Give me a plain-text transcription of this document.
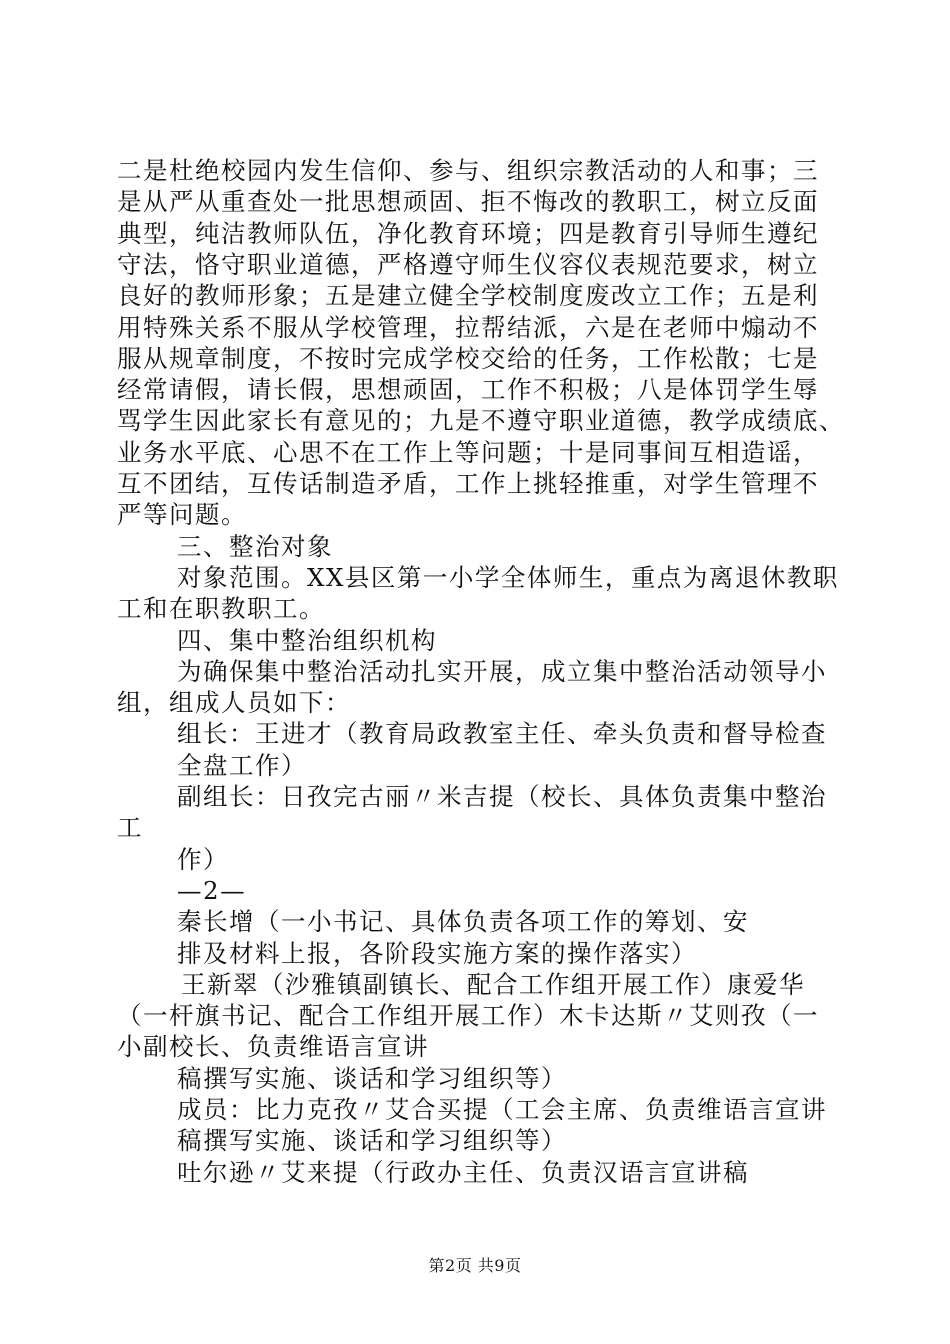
二是杜绝校园内发生信仰、参与、组织宗教活动的人和事；三
是从严从重查处一批思想顽固、拒不悔改的教职工，树立反面
典型，纯洁教师队伍，净化教育环境；四是教育引导师生遵纪
守法，恪守职业道德，严格遵守师生仪容仪表规范要求，树立
良好的教师形象；五是建立健全学校制度废改立工作；五是利
用特殊关系不服从学校管理，拉帮结派，六是在老师中煽动不
服从规章制度，不按时完成学校交给的任务，工作松散；七是
经常请假，请长假，思想顽固，工作不积极；八是体罚学生辱
骂学生因此家长有意见的；九是不遵守职业道德，教学成绩底、
业务水平底、心思不在工作上等问题；十是同事间互相造谣，
互不团结，互传话制造矛盾，工作上挑轻推重，对学生管理不
严等问题。
三、整治对象
对象范围。XX县区第一小学全体师生，重点为离退休教职
工和在职教职工。
四、集中整治组织机构
为确保集中整治活动扎实开展，成立集中整治活动领导小
组，组成人员如下：
组长：王进才（教育局政教室主任、牵头负责和督导检查
全盘工作）
副组长：日孜完古丽〃米吉提（校长、具体负责集中整治
工
作）
—2—
秦长增（一小书记、具体负责各项工作的筹划、安
排及材料上报，各阶段实施方案的操作落实）
王新翠（沙雅镇副镇长、配合工作组开展工作）康爱华
（一杆旗书记、配合工作组开展工作）木卡达斯〃艾则孜（一
小副校长、负责维语言宣讲
稿撰写实施、谈话和学习组织等）
成员：比力克孜〃艾合买提（工会主席、负责维语言宣讲
稿撰写实施、谈话和学习组织等）
吐尔逊〃艾来提（行政办主任、负责汉语言宣讲稿
第2页 共9页
